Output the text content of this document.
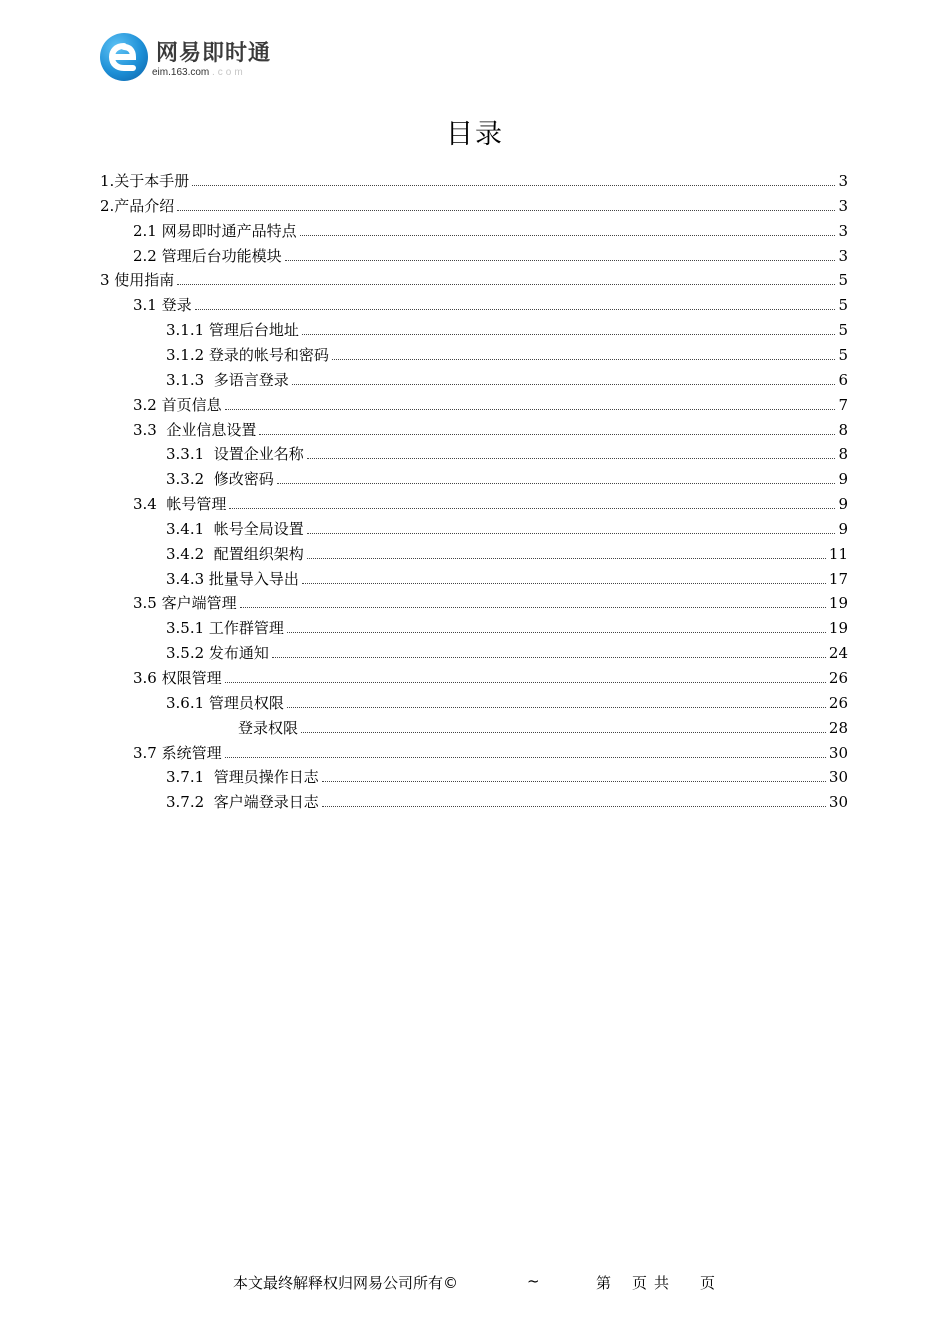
网易即时通
eim.163.com .com
目录
1.关于本手册	3
2.产品介绍	3
2.1 网易即时通产品特点	3
2.2 管理后台功能模块	3
3 使用指南	5
3.1 登录	5
3.1.1 管理后台地址	5
3.1.2 登录的帐号和密码	5
3.1.3  多语言登录	6
3.2 首页信息	7
3.3  企业信息设置	8
3.3.1  设置企业名称	8
3.3.2  修改密码	9
3.4  帐号管理	9
3.4.1  帐号全局设置	9
3.4.2  配置组织架构	11
3.4.3 批量导入导出	17
3.5 客户端管理	19
3.5.1 工作群管理	19
3.5.2 发布通知	24
3.6 权限管理	26
3.6.1 管理员权限	26
登录权限	28
3.7 系统管理	30
3.7.1  管理员操作日志	30
3.7.2  客户端登录日志	30
本文最终解释权归网易公司所有©	~	第 页 共 页
